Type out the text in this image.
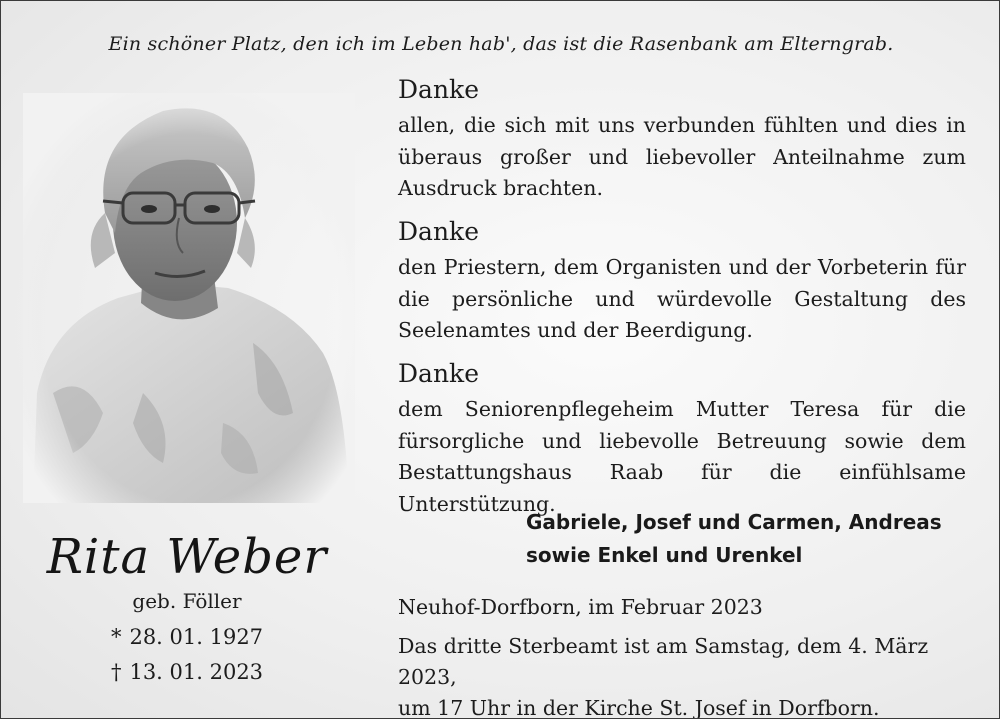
Ein schöner Platz, den ich im Leben hab', das ist die Rasenbank am Elterngrab.
Rita Weber
geb. Föller
* 28. 01. 1927
† 13. 01. 2023
Danke

allen, die sich mit uns verbunden fühlten und dies in überaus großer und liebevoller Anteilnahme zum Ausdruck brachten.

Danke

den Priestern, dem Organisten und der Vorbeterin für die persönliche und würdevolle Gestaltung des Seelenamtes und der Beerdigung.

Danke

dem Seniorenpflegeheim Mutter Teresa für die fürsorgliche und liebevolle Betreuung sowie dem Bestattungshaus Raab für die einfühlsame Unterstützung.

Gabriele, Josef und Carmen, Andreas
sowie Enkel und Urenkel
Neuhof-Dorfborn, im Februar 2023
Das dritte Sterbeamt ist am Samstag, dem 4. März 2023,
um 17 Uhr in der Kirche St. Josef in Dorfborn.
